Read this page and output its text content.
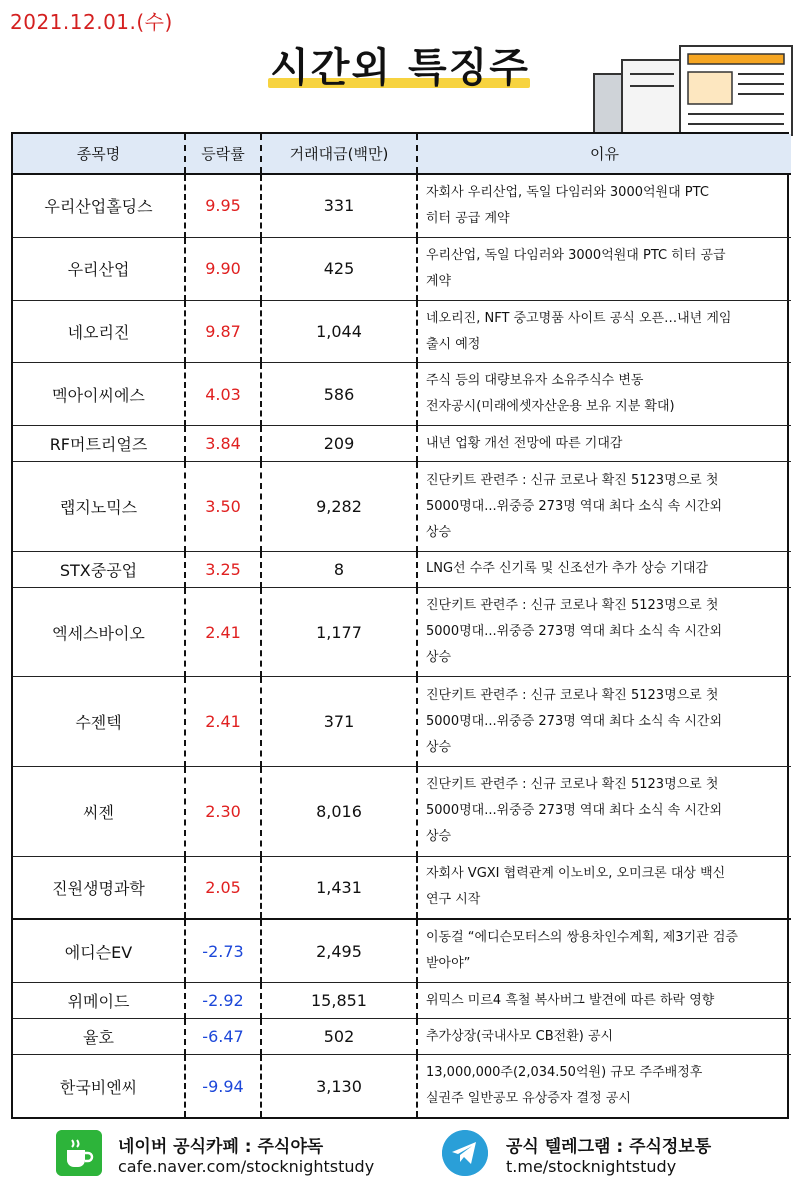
2021.12.01.(수)
시간외 특징주
종목명	등락률	거래대금(백만)	이유
우리산업홀딩스	9.95	331	자회사 우리산업, 독일 다임러와 3000억원대 PTC
히터 공급 계약

우리산업	9.90	425	우리산업, 독일 다임러와 3000억원대 PTC 히터 공급
계약

네오리진	9.87	1,044	네오리진, NFT 중고명품 사이트 공식 오픈…내년 게임
출시 예정

멕아이씨에스	4.03	586	주식 등의 대량보유자 소유주식수 변동
전자공시(미래에셋자산운용 보유 지분 확대)

RF머트리얼즈	3.84	209	내년 업황 개선 전망에 따른 기대감

랩지노믹스	3.50	9,282	진단키트 관련주 : 신규 코로나 확진 5123명으로 첫
5000명대...위중증 273명 역대 최다 소식 속 시간외
상승

STX중공업	3.25	8	LNG선 수주 신기록 및 신조선가 추가 상승 기대감

엑세스바이오	2.41	1,177	진단키트 관련주 : 신규 코로나 확진 5123명으로 첫
5000명대...위중증 273명 역대 최다 소식 속 시간외
상승

수젠텍	2.41	371	진단키트 관련주 : 신규 코로나 확진 5123명으로 첫
5000명대...위중증 273명 역대 최다 소식 속 시간외
상승

씨젠	2.30	8,016	진단키트 관련주 : 신규 코로나 확진 5123명으로 첫
5000명대...위중증 273명 역대 최다 소식 속 시간외
상승

진원생명과학	2.05	1,431	자회사 VGXI 협력관계 이노비오, 오미크론 대상 백신
연구 시작

에디슨EV	-2.73	2,495	이동걸 “에디슨모터스의 쌍용차인수계획, 제3기관 검증
받아야”

위메이드	-2.92	15,851	위믹스 미르4 흑철 복사버그 발견에 따른 하락 영향

율호	-6.47	502	추가상장(국내사모 CB전환) 공시

한국비엔씨	-9.94	3,130	13,000,000주(2,034.50억원) 규모 주주배정후
실권주 일반공모 유상증자 결정 공시
네이버 공식카페 : 주식야독
cafe.naver.com/stocknightstudy
공식 텔레그램 : 주식정보통
t.me/stocknightstudy
